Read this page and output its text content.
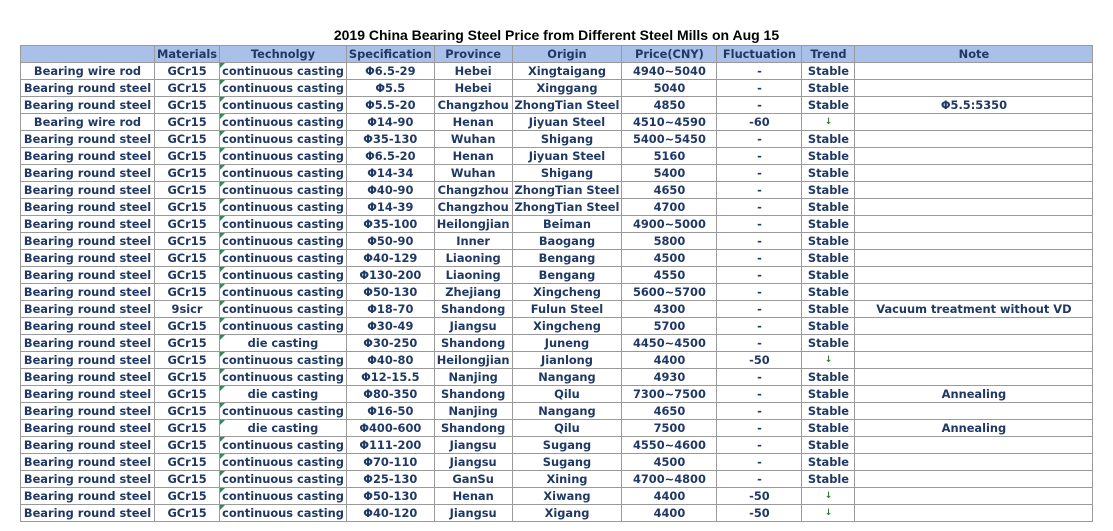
2019 China Bearing Steel Price from Different Steel Mills on Aug 15
	Materials	Technolgy	Specification	Province	Origin	Price(CNY)	Fluctuation	Trend	Note
Bearing wire rod	GCr15	continuous casting	Φ6.5-29	Hebei	Xingtaigang	4940~5040	-	Stable	
Bearing round steel	GCr15	continuous casting	Φ5.5	Hebei	Xinggang	5040	-	Stable	
Bearing round steel	GCr15	continuous casting	Φ5.5-20	Changzhou	ZhongTian Steel	4850	-	Stable	Φ5.5:5350
Bearing wire rod	GCr15	continuous casting	Φ14-90	Henan	Jiyuan Steel	4510~4590	-60	↓	
Bearing round steel	GCr15	continuous casting	Φ35-130	Wuhan	Shigang	5400~5450	-	Stable	
Bearing round steel	GCr15	continuous casting	Φ6.5-20	Henan	Jiyuan Steel	5160	-	Stable	
Bearing round steel	GCr15	continuous casting	Φ14-34	Wuhan	Shigang	5400	-	Stable	
Bearing round steel	GCr15	continuous casting	Φ40-90	Changzhou	ZhongTian Steel	4650	-	Stable	
Bearing round steel	GCr15	continuous casting	Φ14-39	Changzhou	ZhongTian Steel	4700	-	Stable	
Bearing round steel	GCr15	continuous casting	Φ35-100	Heilongjian	Beiman	4900~5000	-	Stable	
Bearing round steel	GCr15	continuous casting	Φ50-90	Inner	Baogang	5800	-	Stable	
Bearing round steel	GCr15	continuous casting	Φ40-129	Liaoning	Bengang	4500	-	Stable	
Bearing round steel	GCr15	continuous casting	Φ130-200	Liaoning	Bengang	4550	-	Stable	
Bearing round steel	GCr15	continuous casting	Φ50-130	Zhejiang	Xingcheng	5600~5700	-	Stable	
Bearing round steel	9sicr	continuous casting	Φ18-70	Shandong	Fulun Steel	4300	-	Stable	Vacuum treatment without VD
Bearing round steel	GCr15	continuous casting	Φ30-49	Jiangsu	Xingcheng	5700	-	Stable	
Bearing round steel	GCr15	die casting	Φ30-250	Shandong	Juneng	4450~4500	-	Stable	
Bearing round steel	GCr15	continuous casting	Φ40-80	Heilongjian	Jianlong	4400	-50	↓	
Bearing round steel	GCr15	continuous casting	Φ12-15.5	Nanjing	Nangang	4930	-	Stable	
Bearing round steel	GCr15	die casting	Φ80-350	Shandong	Qilu	7300~7500	-	Stable	Annealing
Bearing round steel	GCr15	continuous casting	Φ16-50	Nanjing	Nangang	4650	-	Stable	
Bearing round steel	GCr15	die casting	Φ400-600	Shandong	Qilu	7500	-	Stable	Annealing
Bearing round steel	GCr15	continuous casting	Φ111-200	Jiangsu	Sugang	4550~4600	-	Stable	
Bearing round steel	GCr15	continuous casting	Φ70-110	Jiangsu	Sugang	4500	-	Stable	
Bearing round steel	GCr15	continuous casting	Φ25-130	GanSu	Xining	4700~4800	-	Stable	
Bearing round steel	GCr15	continuous casting	Φ50-130	Henan	Xiwang	4400	-50	↓	
Bearing round steel	GCr15	continuous casting	Φ40-120	Jiangsu	Xigang	4400	-50	↓	
